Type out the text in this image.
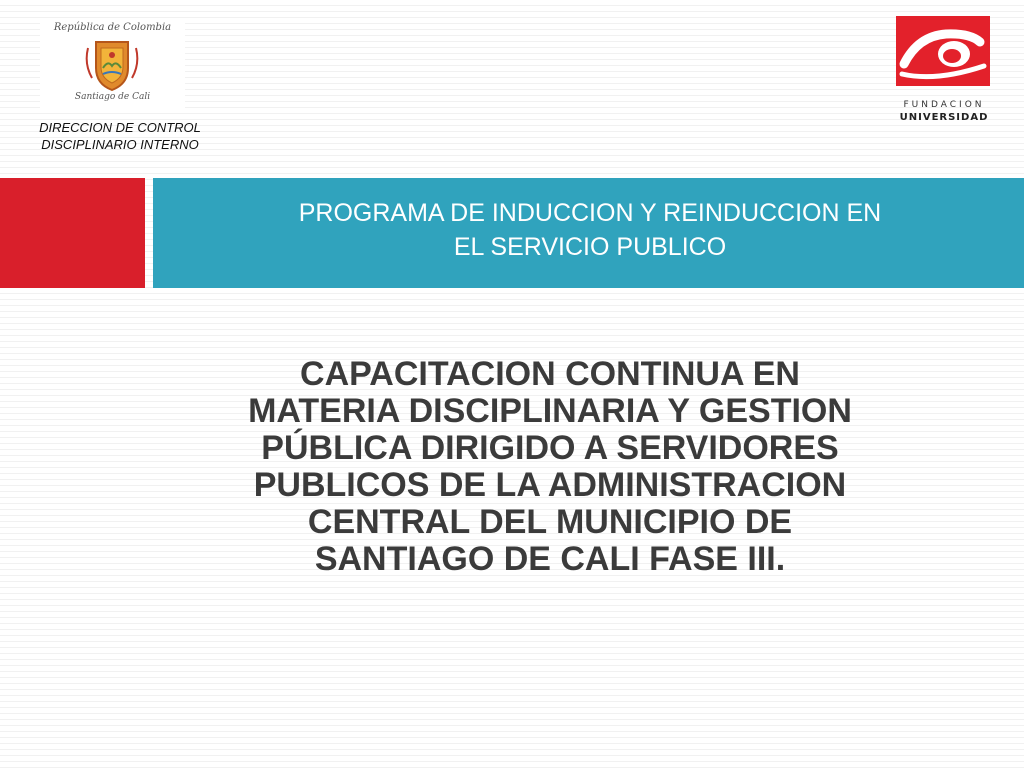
República de Colombia
Santiago de Cali
DIRECCION DE CONTROL
DISCIPLINARIO INTERNO
FUNDACION
UNIVERSIDAD
PROGRAMA DE INDUCCION Y REINDUCCION EN
EL SERVICIO PUBLICO
CAPACITACION CONTINUA EN
MATERIA DISCIPLINARIA Y GESTION
PÚBLICA DIRIGIDO A SERVIDORES
PUBLICOS DE LA ADMINISTRACION
CENTRAL DEL MUNICIPIO DE
SANTIAGO DE CALI FASE III.
